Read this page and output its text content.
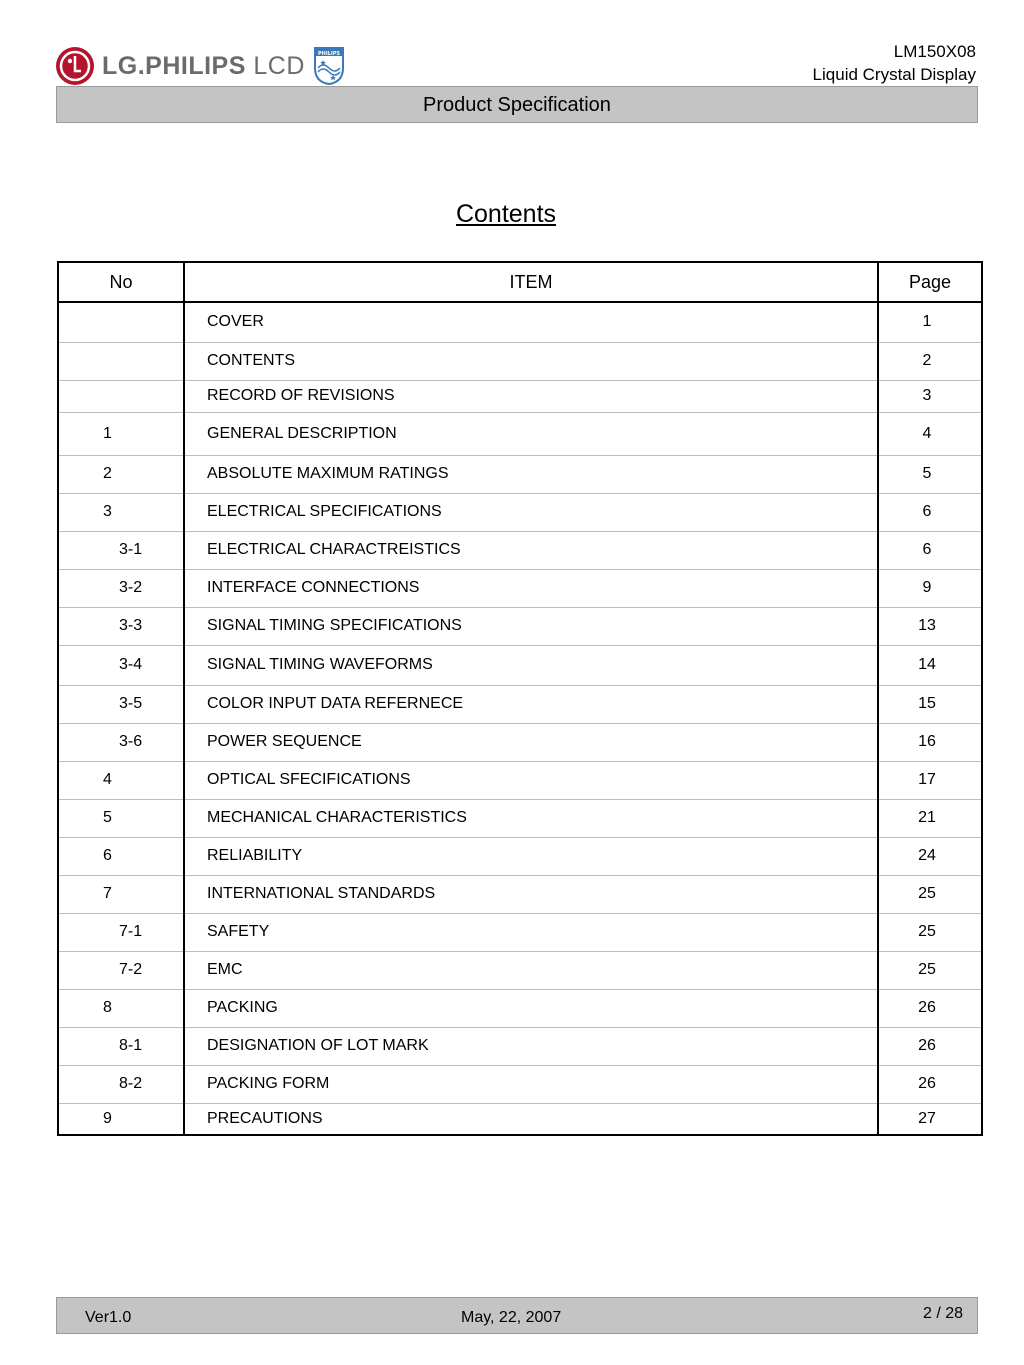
LG.PHILIPS LCD	PHILIPS	LM150X08
Liquid Crystal Display
Product Specification
Contents
No	ITEM	Page
	COVER	1
	CONTENTS	2
	RECORD OF REVISIONS	3
1	GENERAL DESCRIPTION	4
2	ABSOLUTE MAXIMUM RATINGS	5
3	ELECTRICAL SPECIFICATIONS	6
3-1	ELECTRICAL CHARACTREISTICS	6
3-2	INTERFACE CONNECTIONS	9
3-3	SIGNAL TIMING SPECIFICATIONS	13
3-4	SIGNAL TIMING WAVEFORMS	14
3-5	COLOR INPUT DATA REFERNECE	15
3-6	POWER SEQUENCE	16
4	OPTICAL SFECIFICATIONS	17
5	MECHANICAL CHARACTERISTICS	21
6	RELIABILITY	24
7	INTERNATIONAL STANDARDS	25
7-1	SAFETY	25
7-2	EMC	25
8	PACKING	26
8-1	DESIGNATION OF LOT MARK	26
8-2	PACKING FORM	26
9	PRECAUTIONS	27
Ver1.0	May, 22, 2007	2 / 28
